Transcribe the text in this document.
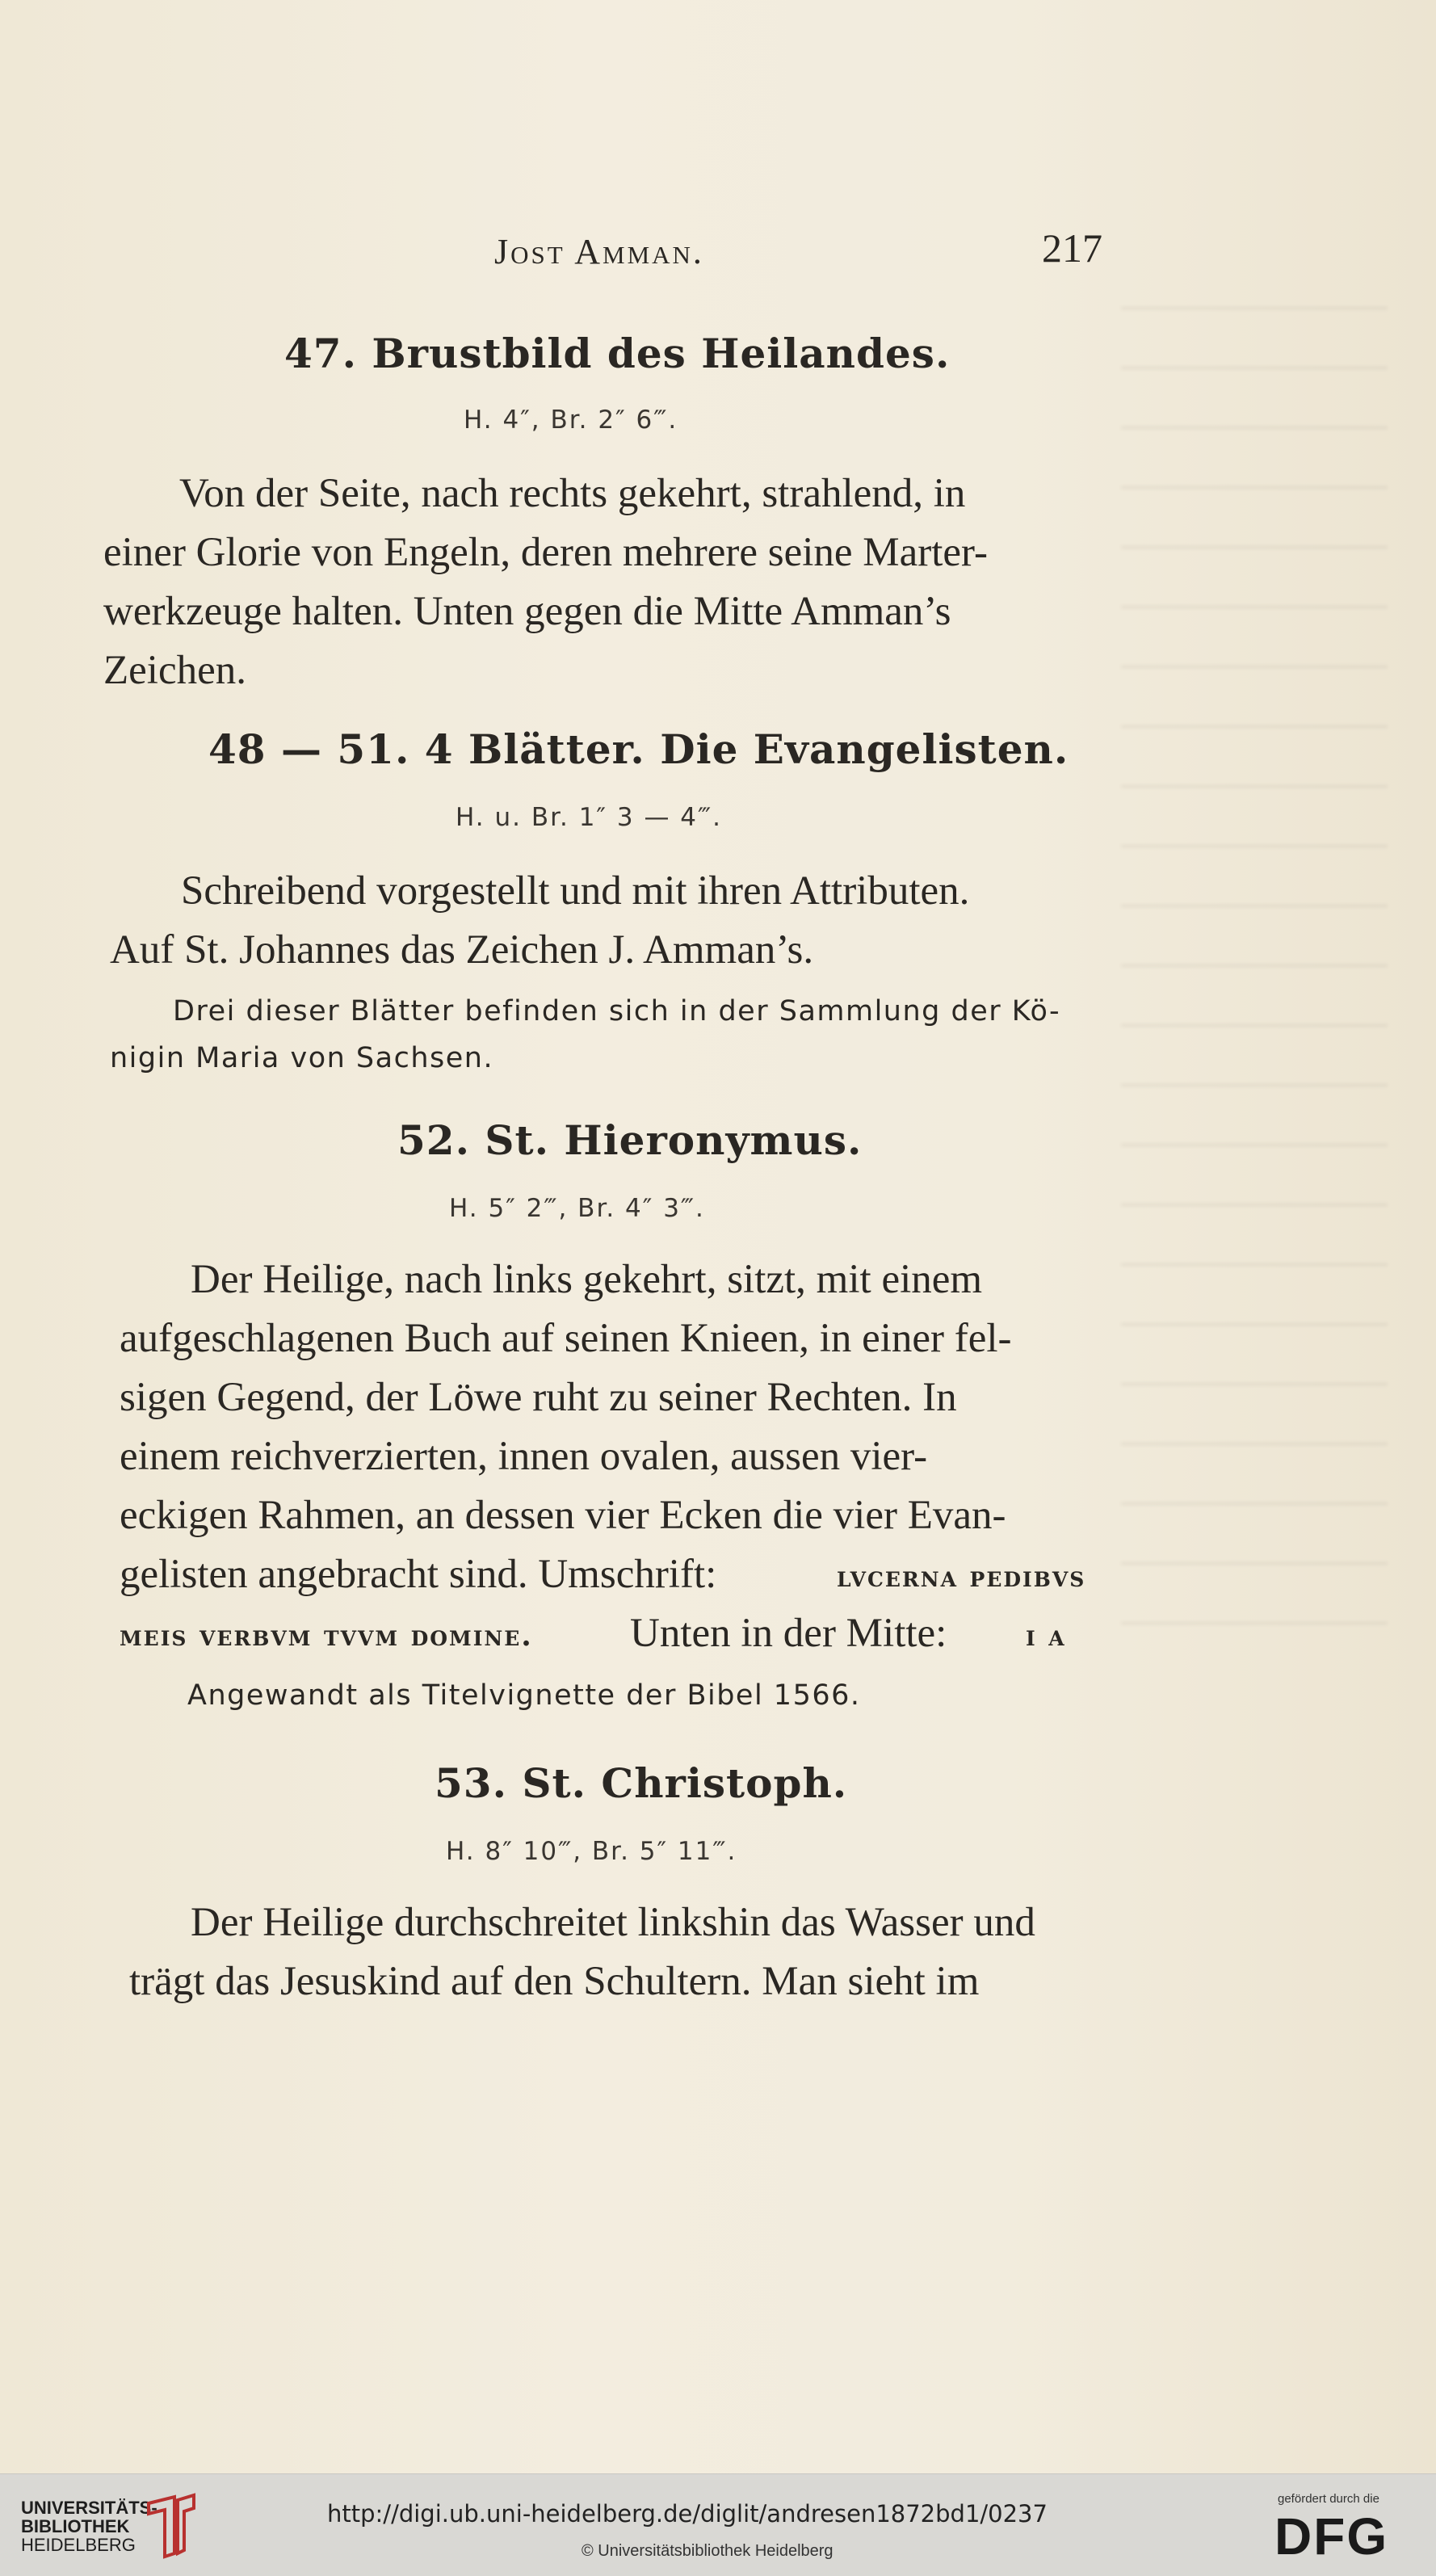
Jost Amman.	217
47. Brustbild des Heilandes.
H. 4″, Br. 2″ 6‴.
Von der Seite, nach rechts gekehrt, strahlend, in
einer Glorie von Engeln, deren mehrere seine Marter-
werkzeuge halten. Unten gegen die Mitte Amman’s
Zeichen.
48 — 51. 4 Blätter. Die Evangelisten.
H. u. Br. 1″ 3 — 4‴.
Schreibend vorgestellt und mit ihren Attributen.
Auf St. Johannes das Zeichen J. Amman’s.
Drei dieser Blätter befinden sich in der Sammlung der Kö-
nigin Maria von Sachsen.
52. St. Hieronymus.
H. 5″ 2‴, Br. 4″ 3‴.
Der Heilige, nach links gekehrt, sitzt, mit einem
aufgeschlagenen Buch auf seinen Knieen, in einer fel-
sigen Gegend, der Löwe ruht zu seiner Rechten. In
einem reichverzierten, innen ovalen, aussen vier-
eckigen Rahmen, an dessen vier Ecken die vier Evan-
gelisten angebracht sind. Umschrift:	lvcerna pedibvs
meis verbvm tvvm domine. Unten in der Mitte:	i a
Angewandt als Titelvignette der Bibel 1566.
53. St. Christoph.
H. 8″ 10‴, Br. 5″ 11‴.
Der Heilige durchschreitet linkshin das Wasser und
trägt das Jesuskind auf den Schultern. Man sieht im
UNIVERSITÄTS-
BIBLIOTHEK
HEIDELBERG
http://digi.ub.uni-heidelberg.de/diglit/andresen1872bd1/0237
© Universitätsbibliothek Heidelberg
gefördert durch die
DFG
